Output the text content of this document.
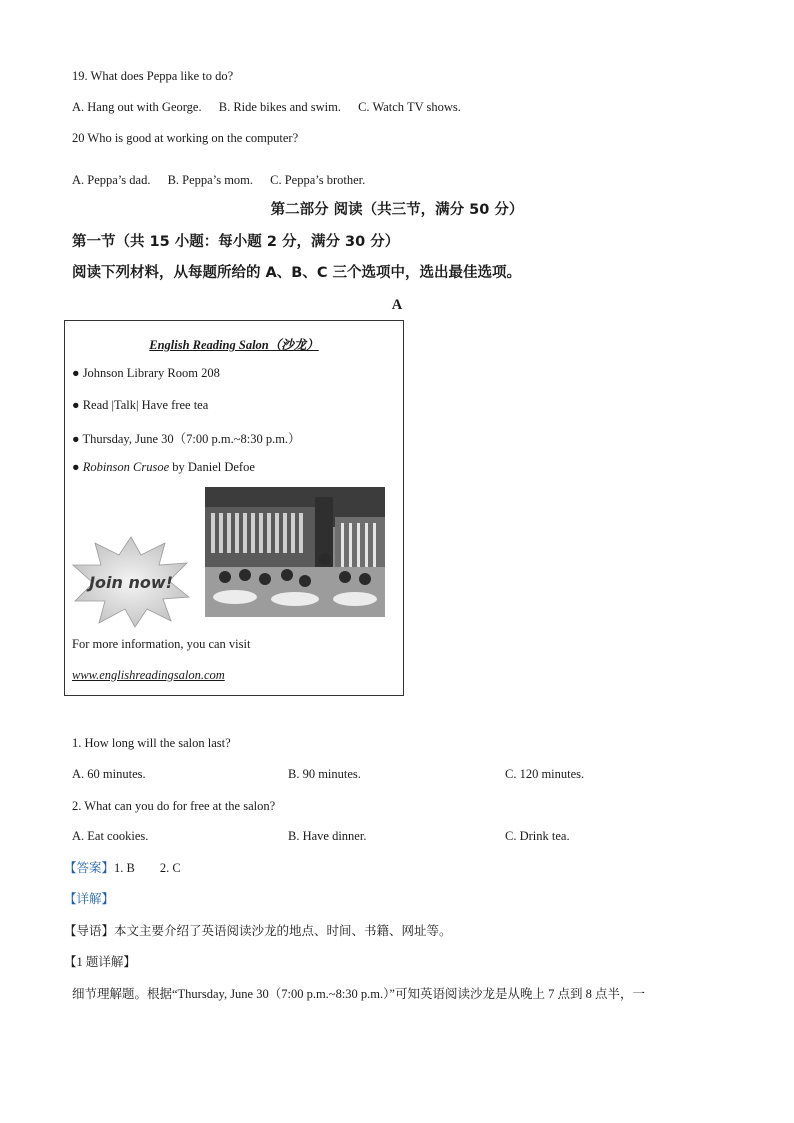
19. What does Peppa like to do?
A. Hang out with George. B. Ride bikes and swim. C. Watch TV shows.
20 Who is good at working on the computer?
A. Peppa’s dad. B. Peppa’s mom. C. Peppa’s brother.
第二部分 阅读（共三节，满分 50 分）
第一节（共 15 小题：每小题 2 分，满分 30 分）
阅读下列材料，从每题所给的 A、B、C 三个选项中，选出最佳选项。
A
English Reading Salon（沙龙）
● Johnson Library Room 208
● Read |Talk| Have free tea
● Thursday, June 30（7:00 p.m.~8:30 p.m.）
● Robinson Crusoe by Daniel Defoe
Join now!
For more information, you can visit
www.englishreadingsalon.com
1. How long will the salon last?
A. 60 minutes.	B. 90 minutes.	C. 120 minutes.
2. What can you do for free at the salon?
A. Eat cookies.	B. Have dinner.	C. Drink tea.
【答案】1. B        2. C
【详解】
【导语】本文主要介绍了英语阅读沙龙的地点、时间、书籍、网址等。
【1 题详解】
细节理解题。根据“Thursday, June 30（7:00 p.m.~8:30 p.m.）”可知英语阅读沙龙是从晚上 7 点到 8 点半，一
